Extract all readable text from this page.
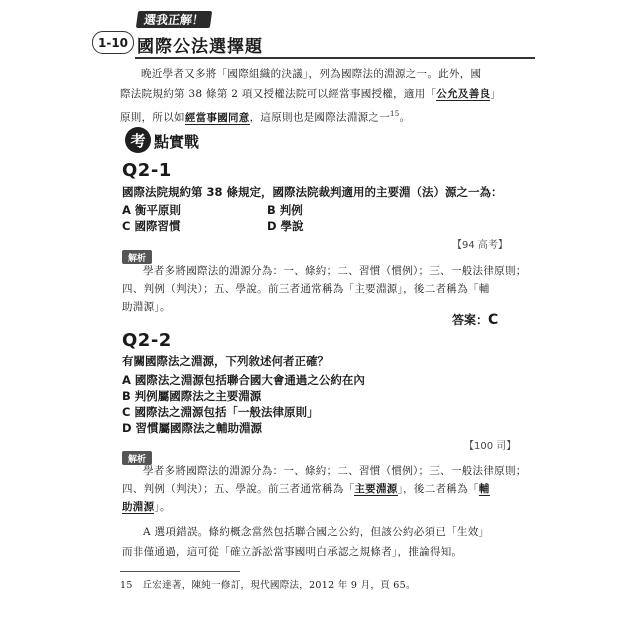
1-10
選我正解！
國際公法選擇題

晚近學者又多將「國際組織的決議」，列為國際法的淵源之一。此外，國

際法院規約第 38 條第 2 項又授權法院可以經當事國授權，適用「公允及善良」

原則，所以如經當事國同意，這原則也是國際法淵源之一$^{15}$。

考 點實戰
Q2-1
國際法院規約第 38 條規定，國際法院裁判適用的主要淵（法）源之一為：
A 衡平原則	B 判例
C 國際習慣	D 學說
【94 高考】
解析

學者多將國際法的淵源分為：一、條約；二、習慣（慣例）；三、一般法律原則；

四、判例（判決）；五、學說。前三者通常稱為「主要淵源」，後二者稱為「輔

助淵源」。

答案：C
Q2-2
有關國際法之淵源，下列敘述何者正確？
A 國際法之淵源包括聯合國大會通過之公約在內
B 判例屬國際法之主要淵源
C 國際法之淵源包括「一般法律原則」
D 習慣屬國際法之輔助淵源
【100 司】
解析

學者多將國際法的淵源分為：一、條約；二、習慣（慣例）；三、一般法律原則；

四、判例（判決）；五、學說。前三者通常稱為「主要淵源」，後二者稱為「輔

助淵源」。

A 選項錯誤。條約概念當然包括聯合國之公約，但該公約必須已「生效」

而非僅通過，這可從「確立訴訟當事國明白承認之規條者」，推論得知。

15　丘宏達著，陳純一修訂，現代國際法，2012 年 9 月，頁 65。
